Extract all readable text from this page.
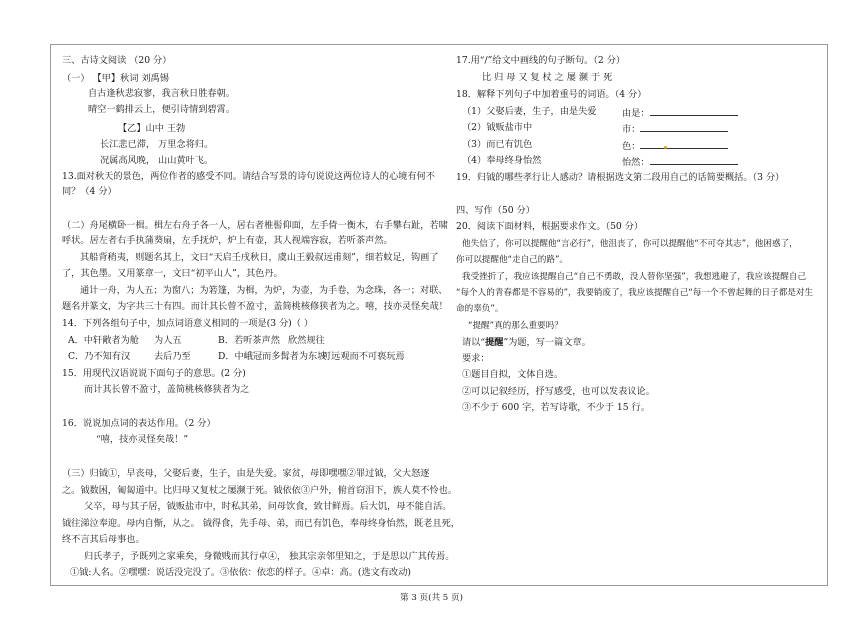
三、古诗文阅读 （20 分）
（一） 【甲】秋词 刘禹锡
自古逢秋悲寂寥，我言秋日胜春朝。
晴空一鹤排云上，便引诗情到碧霄。
【乙】山中 王勃
长江悲已滞， 万里念将归。
况属高风晚， 山山黄叶飞。
13.面对秋天的景色，两位作者的感受不同。请结合写景的诗句说说这两位诗人的心境有何不
同？（4 分）
（二）舟尾横卧一楫。楫左右舟子各一人，居右者椎髻仰面，左手倚一衡木，右手攀右趾，若啸
呼状。居左者右手执蒲葵扇，左手抚炉，炉上有壶，其人视端容寂，若听茶声然。
其船背稍夷，则题名其上，文曰“天启壬戌秋日，虞山王毅叔远甫刻”，细若蚊足，钩画了
了，其色墨。又用篆章一，文曰“初平山人”，其色丹。
通计一舟，为人五；为窗八；为箬篷，为楫，为炉，为壶，为手卷，为念珠，各一；对联、
题名并篆文，为字共三十有四。而计其长曾不盈寸，盖简桃核修狭者为之。嘻，技亦灵怪矣哉！
14．下列各组句子中，加点词语意义相同的一项是(3 分)（ ）
A．中轩敞者为舱 为人五	B．若听茶声然 欣然规往
C．乃不知有汉	去后乃至	D．中峨冠而多髯者为东坡
可远观而不可亵玩焉
15．用现代汉语说说下面句子的意思。(2 分)
而计其长曾不盈寸，盖简桃核修狭者为之
16．说说加点词的表达作用。（2 分）
“嘻，技亦灵怪矣哉！”
（三）归钺①，早丧母，父娶后妻，生子，由是失爱。家贫，母即嘿嘿②罪过钺，父大怒逐
之。钺数困，匍匐道中。比归母又复杖之屡濒于死。钺依依③户外，俯首窃泪下，族人莫不怜也。
父卒，母与其子居，钺贩盐市中，时私其弟，问母饮食，致甘鲜焉。后大饥，母不能自活。
钺往涕泣奉迎。母内自惭，从之。 钺得食，先手母、弟，而已有饥色，奉母终身怡然，既老且死，
终不言其后母事也。
归氏孝子，予既列之家乘矣，身微贱而其行卓④， 独其宗亲邻里知之，于是思以广其传焉。
①钺:人名。②嘿嘿：说话没完没了。③依依：依恋的样子。④卓：高。(选文有改动)
17.用“/”给文中画线的句子断句。（2 分）
比 归 母 又 复 杖 之 屡 濒 于 死
18．解释下列句子中加着重号的词语。（4 分）
（1）父娶后妻，生子，由是失爱	由是：
（2）钺贩盐市中	市：
（3）而已有饥色	色：
（4）奉母终身怡然	怡然：
19．归钺的哪些孝行让人感动？请根据选文第二段用自己的话简要概括。（3 分）
四、写作（50 分）
20．阅读下面材料，根据要求作文。（50 分）
他失信了，你可以提醒他“言必行”，他沮丧了，你可以提醒他“不可夺其志”，他困惑了，
你可以提醒他“走自己的路”。
我受挫折了，我应该提醒自己“自己不勇敢，没人替你坚强”，我想逃避了，我应该提醒自己
“每个人的青春都是不容易的”，我要销废了，我应该提醒自己“每一个不曾起舞的日子都是对生
命的辜负”。
“提醒”真的那么重要吗？
请以“提醒”为题，写一篇文章。
要求：
①题目自拟，文体自选。
②可以记叙经历，抒写感受，也可以发表议论。
③不少于 600 字，若写诗歌，不少于 15 行。
第 3 页(共 5 页)
